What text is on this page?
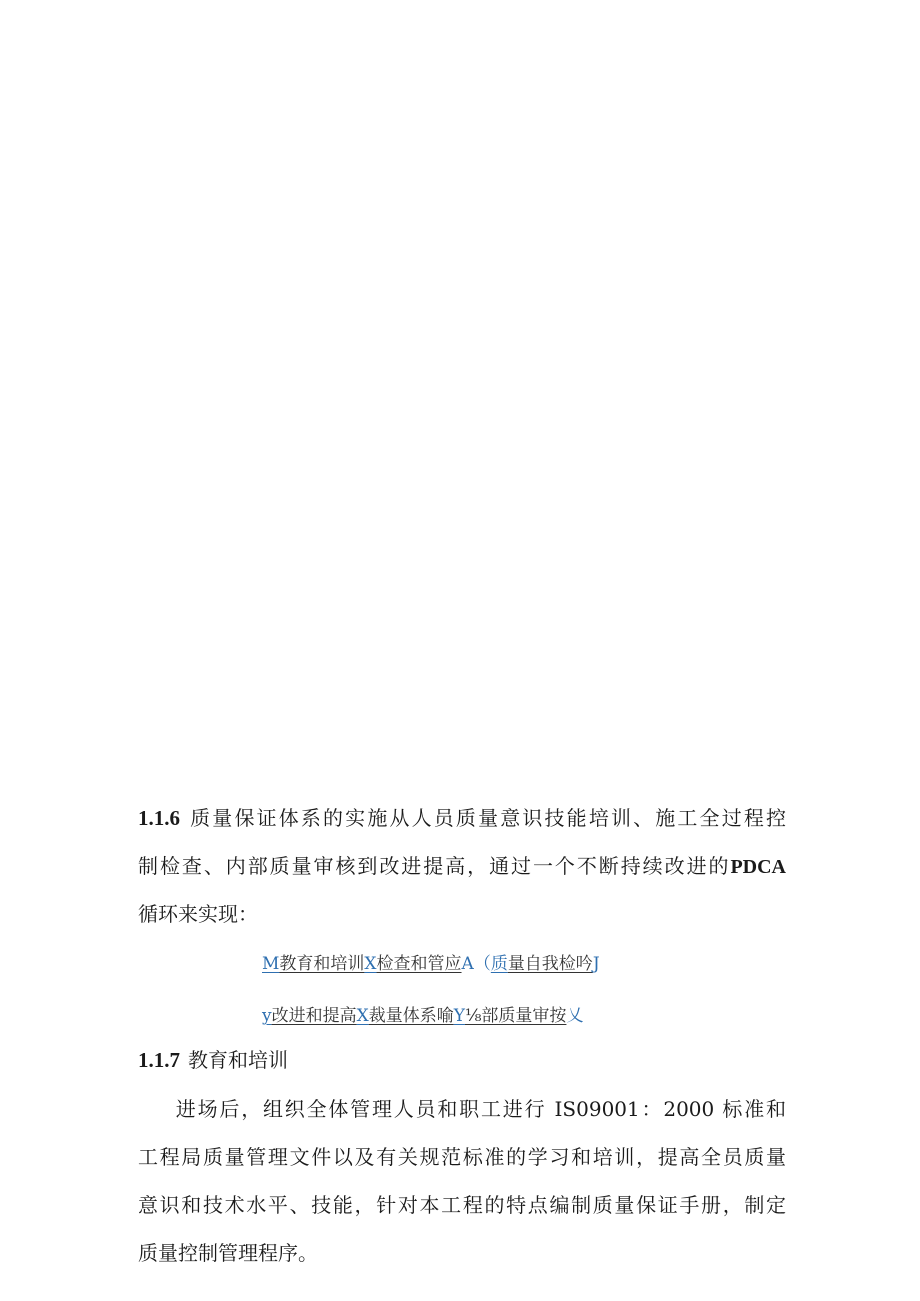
1.1.6 质量保证体系的实施从人员质量意识技能培训、施工全过程控
制检查、内部质量审核到改进提高，通过一个不断持续改进的PDCA
循环来实现：
M教育和培训X检查和管应A（质量自我检吟J
y改进和提高X裁量体系喻Y⅛部质量审按乂
1.1.7 教育和培训
进场后，组织全体管理人员和职工进行 IS09001：2000 标准和
工程局质量管理文件以及有关规范标准的学习和培训，提高全员质量
意识和技术水平、技能，针对本工程的特点编制质量保证手册，制定
质量控制管理程序。
